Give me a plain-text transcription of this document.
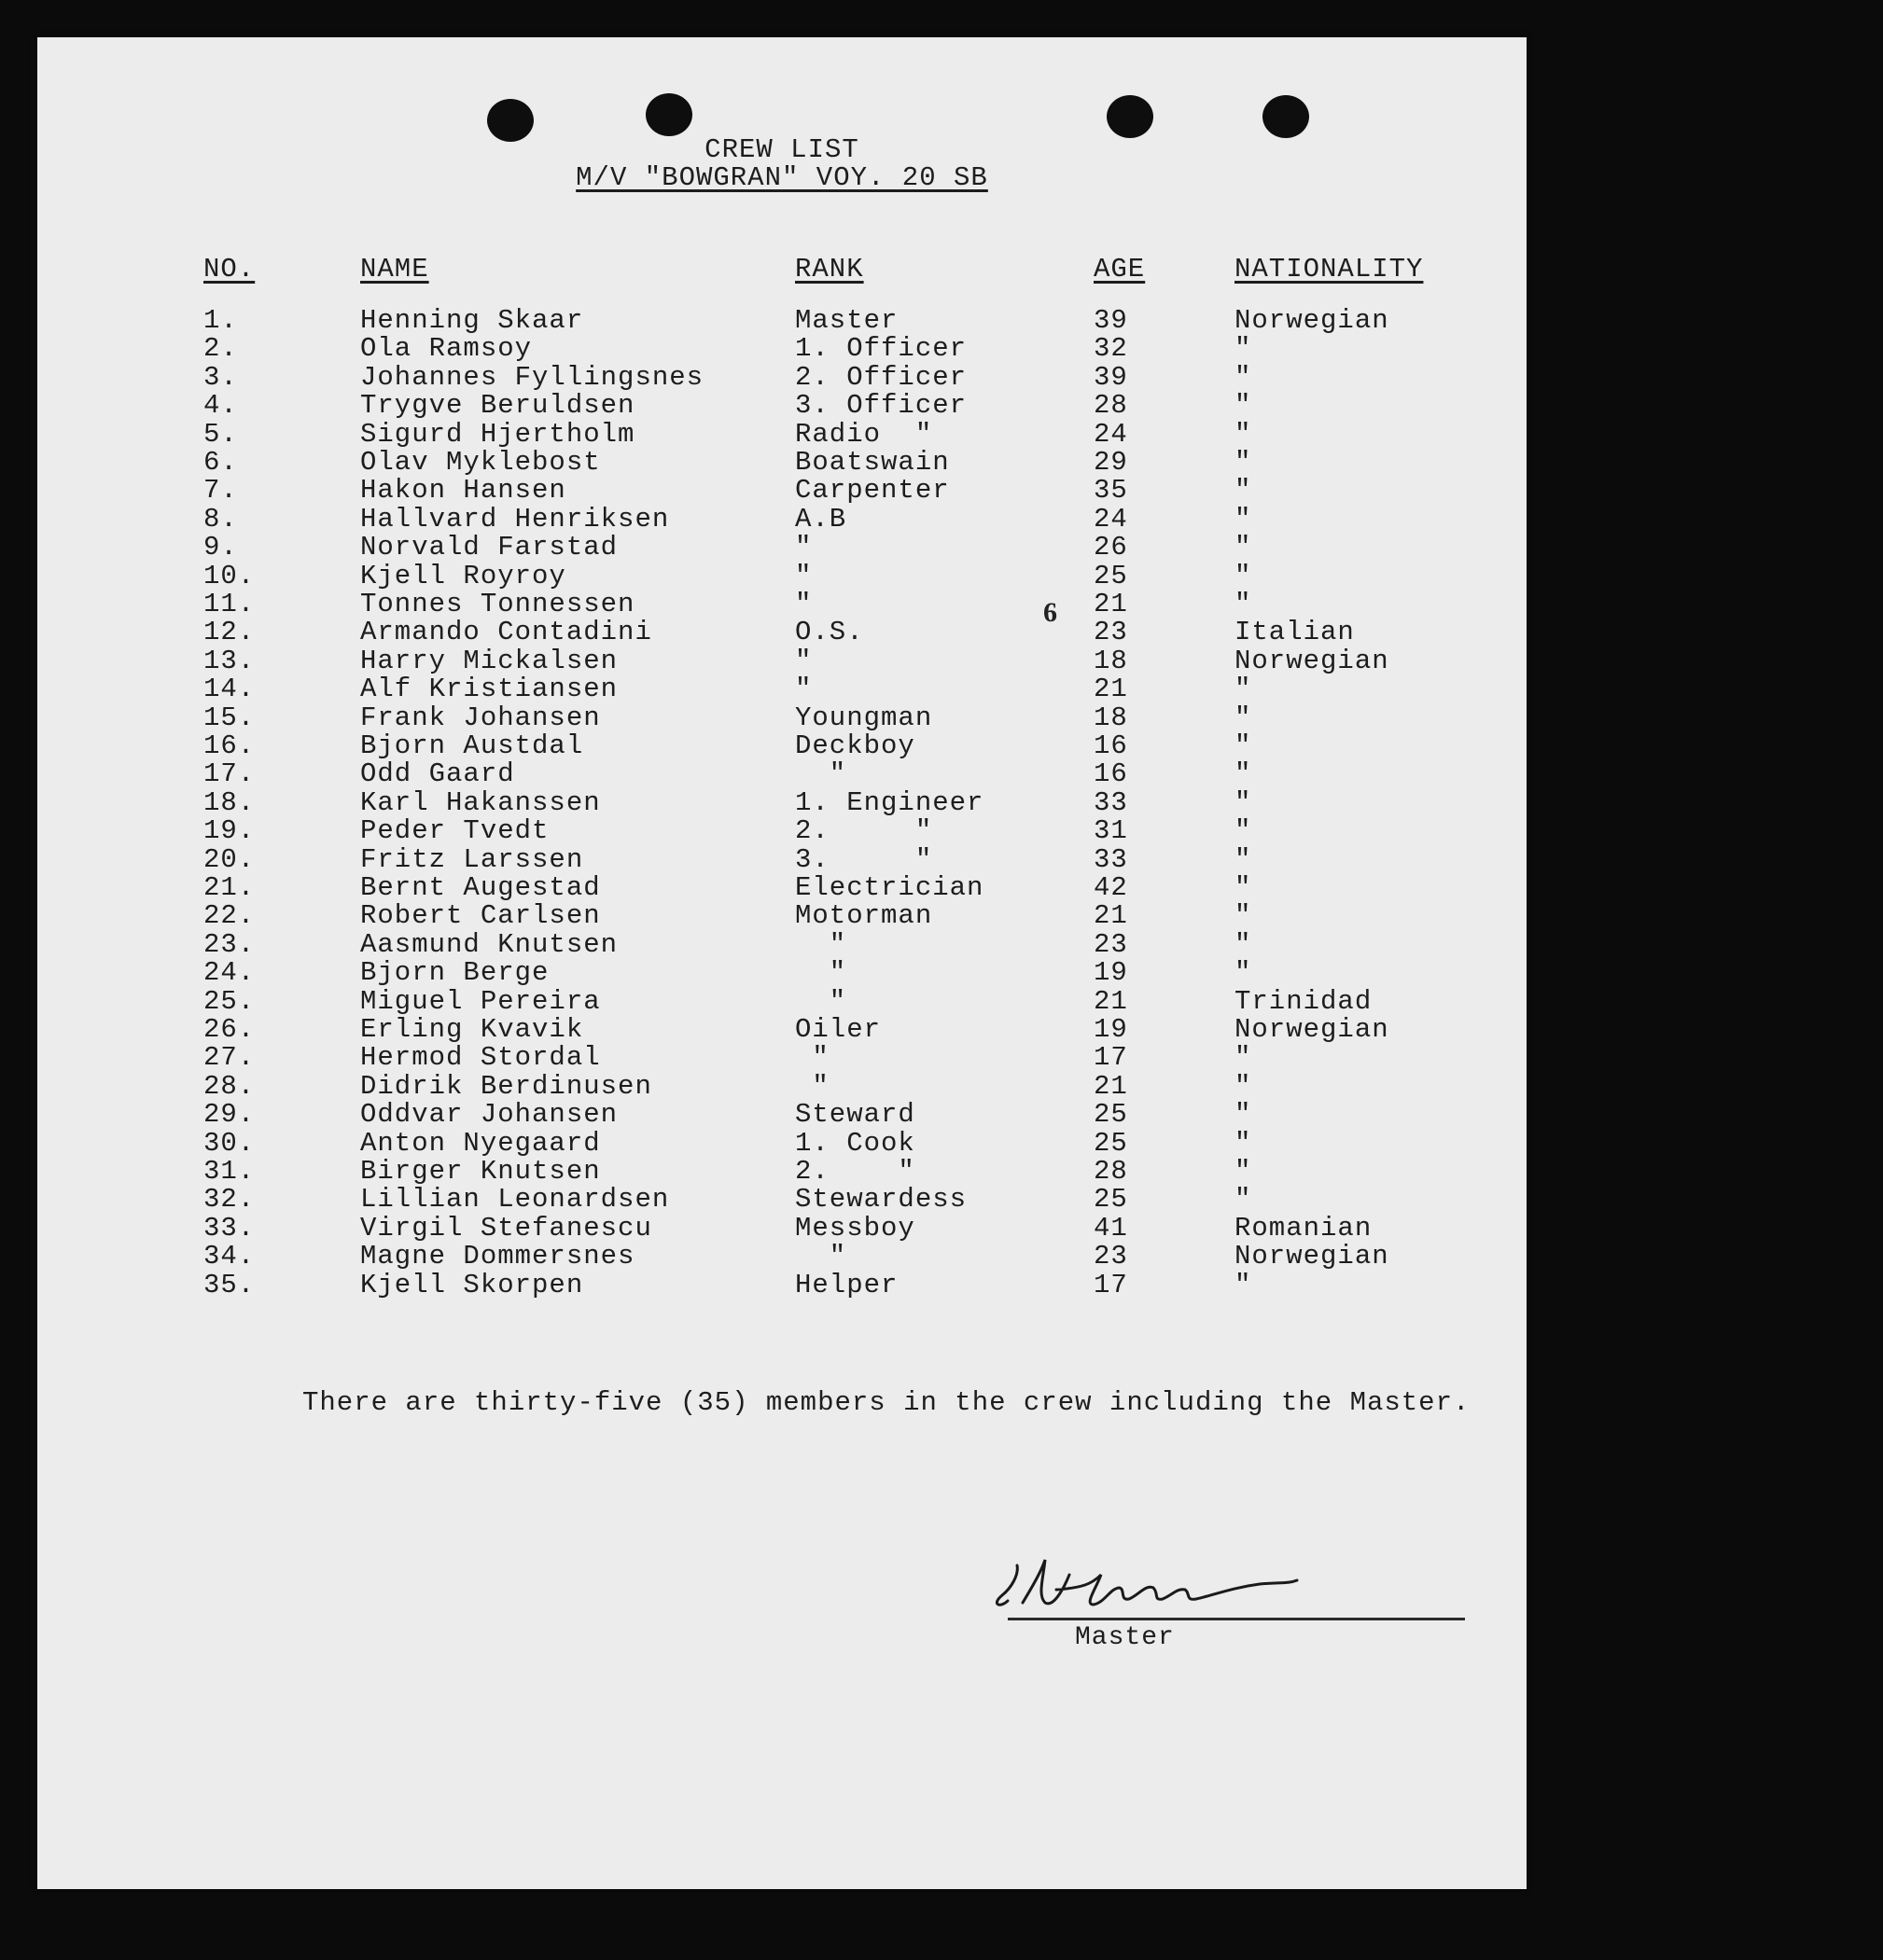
CREW LIST
M/V "BOWGRAN" VOY. 20 SB
NO.	NAME	RANK	AGE	NATIONALITY
1.	Henning Skaar	Master	39	Norwegian
2.	Ola Ramsoy	1. Officer	32	"
3.	Johannes Fyllingsnes	2. Officer	39	"
4.	Trygve Beruldsen	3. Officer	28	"
5.	Sigurd Hjertholm	Radio  "	24	"
6.	Olav Myklebost	Boatswain	29	"
7.	Hakon Hansen	Carpenter	35	"
8.	Hallvard Henriksen	A.B	24	"
9.	Norvald Farstad	"	26	"
10.	Kjell Royroy	"	25	"
11.	Tonnes Tonnessen	"	21	"
12.	Armando Contadini	O.S.	23	Italian
13.	Harry Mickalsen	"	18	Norwegian
14.	Alf Kristiansen	"	21	"
15.	Frank Johansen	Youngman	18	"
16.	Bjorn Austdal	Deckboy	16	"
17.	Odd Gaard	"	16	"
18.	Karl Hakanssen	1. Engineer	33	"
19.	Peder Tvedt	2.     "	31	"
20.	Fritz Larssen	3.     "	33	"
21.	Bernt Augestad	Electrician	42	"
22.	Robert Carlsen	Motorman	21	"
23.	Aasmund Knutsen	"	23	"
24.	Bjorn Berge	"	19	"
25.	Miguel Pereira	"	21	Trinidad
26.	Erling Kvavik	Oiler	19	Norwegian
27.	Hermod Stordal	"	17	"
28.	Didrik Berdinusen	"	21	"
29.	Oddvar Johansen	Steward	25	"
30.	Anton Nyegaard	1. Cook	25	"
31.	Birger Knutsen	2.    "	28	"
32.	Lillian Leonardsen	Stewardess	25	"
33.	Virgil Stefanescu	Messboy	41	Romanian
34.	Magne Dommersnes	"	23	Norwegian
35.	Kjell Skorpen	Helper	17	"
6
There are thirty-five (35) members in the crew including the Master.
Master
